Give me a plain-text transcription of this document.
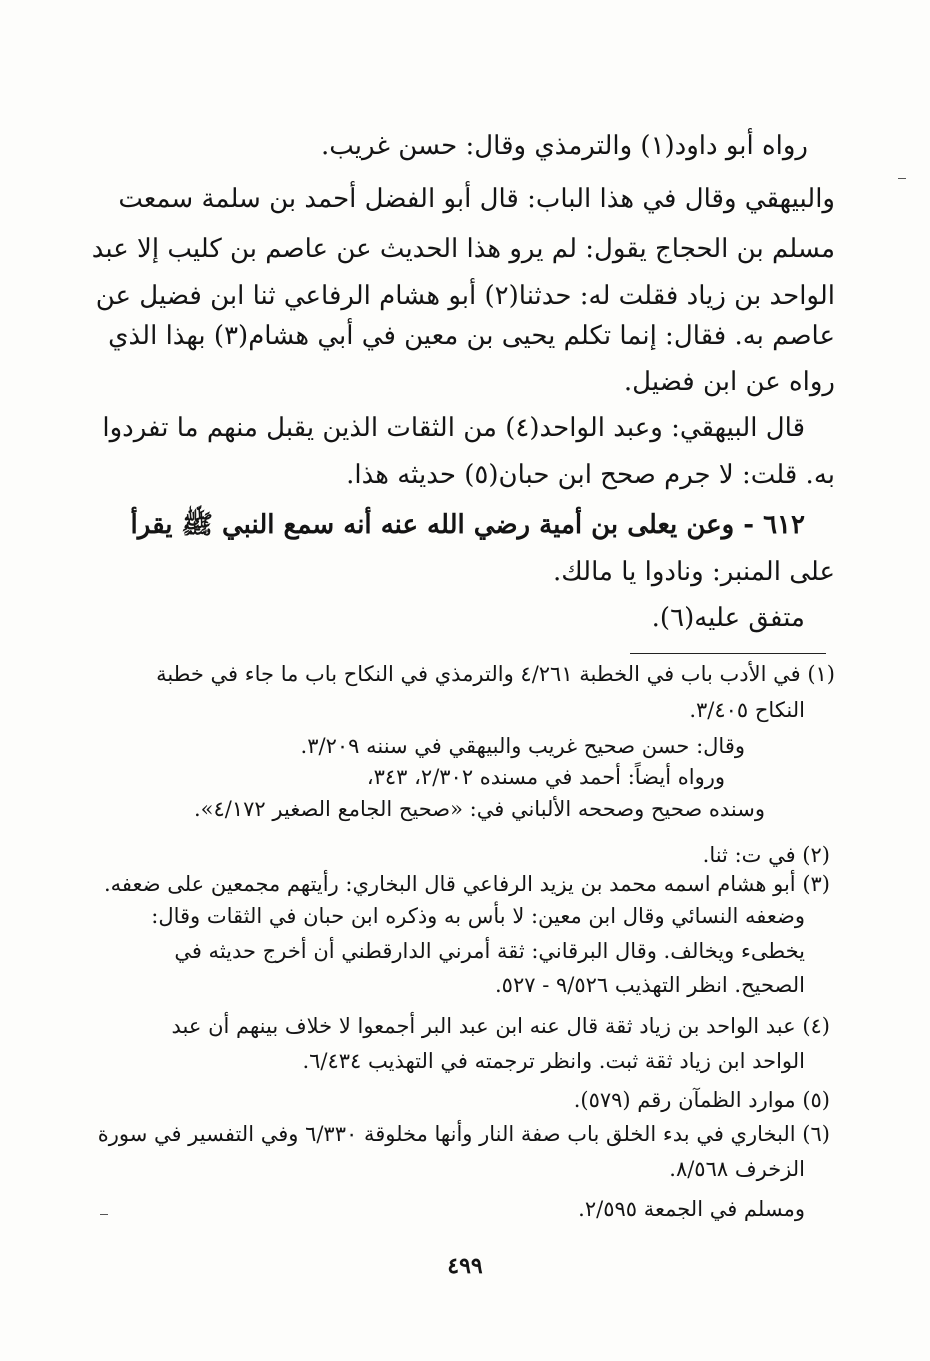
رواه أبو داود(١) والترمذي وقال: حسن غريب.
والبيهقي وقال في هذا الباب: قال أبو الفضل أحمد بن سلمة سمعت
مسلم بن الحجاج يقول: لم يرو هذا الحديث عن عاصم بن كليب إلا عبد
الواحد بن زياد فقلت له: حدثنا(٢) أبو هشام الرفاعي ثنا ابن فضيل عن
عاصم به. فقال: إنما تكلم يحيى بن معين في أبي هشام(٣) بهذا الذي
رواه عن ابن فضيل.
قال البيهقي: وعبد الواحد(٤) من الثقات الذين يقبل منهم ما تفردوا
به. قلت: لا جرم صحح ابن حبان(٥) حديثه هذا.
٦١٢ - وعن يعلى بن أمية رضي الله عنه أنه سمع النبي ﷺ يقرأ
على المنبر: ونادوا يا مالك.
متفق عليه(٦).
(١) في الأدب باب في الخطبة ٤/٢٦١ والترمذي في النكاح باب ما جاء في خطبة
النكاح ٣/٤٠٥.
وقال: حسن صحيح غريب والبيهقي في سننه ٣/٢٠٩.
ورواه أيضاً: أحمد في مسنده ٢/٣٠٢، ٣٤٣،
وسنده صحيح وصححه الألباني في: «صحيح الجامع الصغير ٤/١٧٢».
(٢) في ت: ثنا.
(٣) أبو هشام اسمه محمد بن يزيد الرفاعي قال البخاري: رأيتهم مجمعين على ضعفه.
وضعفه النسائي وقال ابن معين: لا بأس به وذكره ابن حبان في الثقات وقال:
يخطىء ويخالف. وقال البرقاني: ثقة أمرني الدارقطني أن أخرج حديثه في
الصحيح. انظر التهذيب ٩/٥٢٦ - ٥٢٧.
(٤) عبد الواحد بن زياد ثقة قال عنه ابن عبد البر أجمعوا لا خلاف بينهم أن عبد
الواحد ابن زياد ثقة ثبت. وانظر ترجمته في التهذيب ٦/٤٣٤.
(٥) موارد الظمآن رقم (٥٧٩).
(٦) البخاري في بدء الخلق باب صفة النار وأنها مخلوقة ٦/٣٣٠ وفي التفسير في سورة
الزخرف ٨/٥٦٨.
ومسلم في الجمعة ٢/٥٩٥.
٤٩٩
